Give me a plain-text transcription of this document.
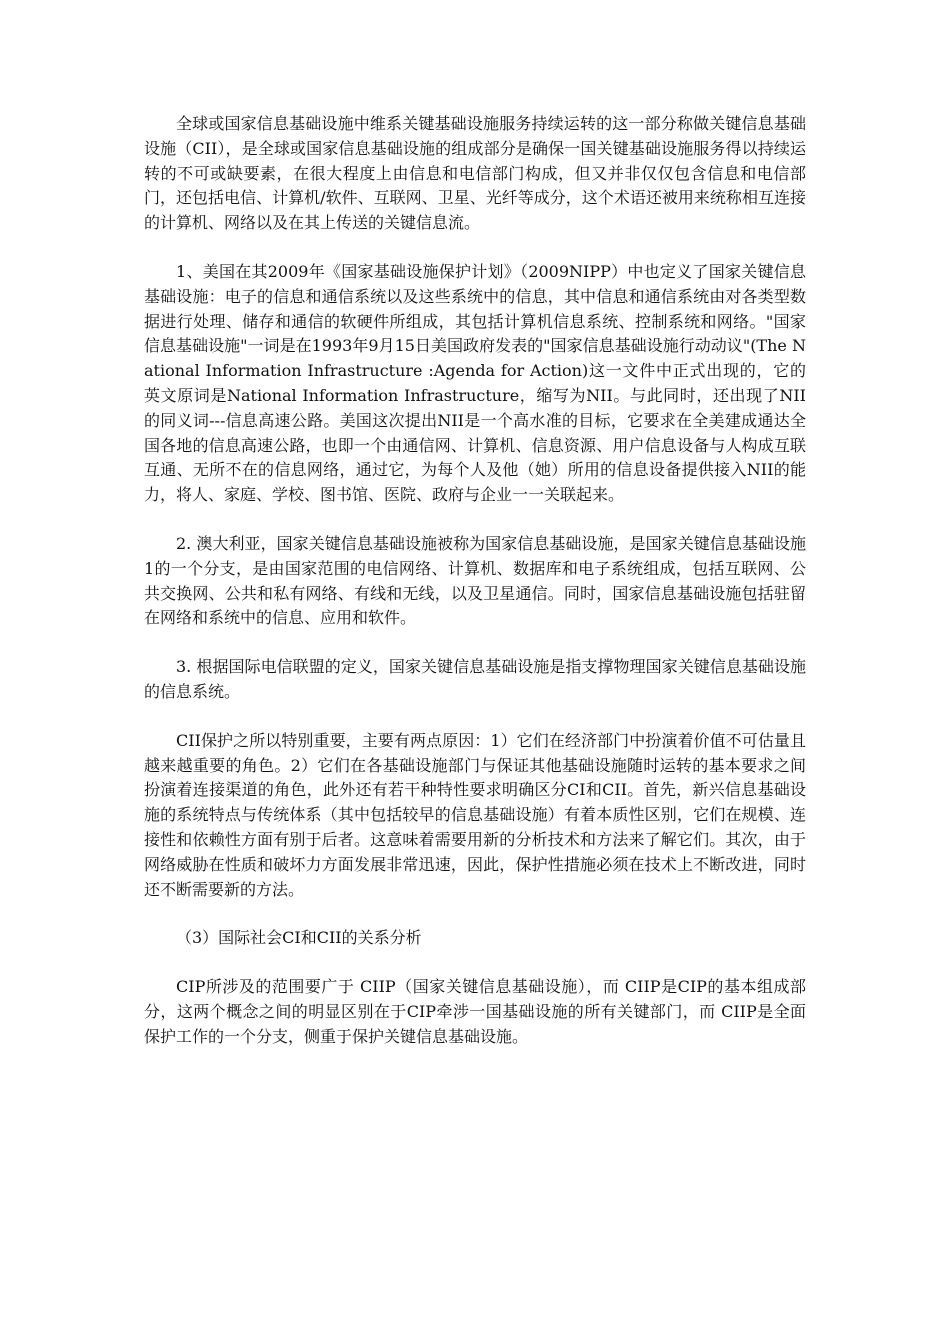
全球或国家信息基础设施中维系关键基础设施服务持续运转的这一部分称做关键信息基础设施（CII），是全球或国家信息基础设施的组成部分是确保一国关键基础设施服务得以持续运转的不可或缺要素，在很大程度上由信息和电信部门构成，但又并非仅仅包含信息和电信部门，还包括电信、计算机/软件、互联网、卫星、光纤等成分，这个术语还被用来统称相互连接的计算机、网络以及在其上传送的关键信息流。

1、美国在其2009年《国家基础设施保护计划》（2009NIPP）中也定义了国家关键信息基础设施：电子的信息和通信系统以及这些系统中的信息，其中信息和通信系统由对各类型数据进行处理、储存和通信的软硬件所组成，其包括计算机信息系统、控制系统和网络。"国家信息基础设施"一词是在1993年9月15日美国政府发表的"国家信息基础设施行动动议"(The National Information Infrastructure :Agenda for Action)这一文件中正式出现的，它的英文原词是National Information Infrastructure，缩写为NII。与此同时，还出现了NII的同义词---信息高速公路。美国这次提出NII是一个高水准的目标，它要求在全美建成通达全国各地的信息高速公路，也即一个由通信网、计算机、信息资源、用户信息设备与人构成互联互通、无所不在的信息网络，通过它，为每个人及他（她）所用的信息设备提供接入NII的能力，将人、家庭、学校、图书馆、医院、政府与企业一一关联起来。

2. 澳大利亚，国家关键信息基础设施被称为国家信息基础设施，是国家关键信息基础设施1的一个分支，是由国家范围的电信网络、计算机、数据库和电子系统组成，包括互联网、公共交换网、公共和私有网络、有线和无线，以及卫星通信。同时，国家信息基础设施包括驻留在网络和系统中的信息、应用和软件。

3. 根据国际电信联盟的定义，国家关键信息基础设施是指支撑物理国家关键信息基础设施的信息系统。

CII保护之所以特别重要，主要有两点原因：1）它们在经济部门中扮演着价值不可估量且越来越重要的角色。2）它们在各基础设施部门与保证其他基础设施随时运转的基本要求之间扮演着连接渠道的角色，此外还有若干种特性要求明确区分CI和CII。首先，新兴信息基础设施的系统特点与传统体系（其中包括较早的信息基础设施）有着本质性区别，它们在规模、连接性和依赖性方面有别于后者。这意味着需要用新的分析技术和方法来了解它们。其次，由于网络威胁在性质和破坏力方面发展非常迅速，因此，保护性措施必须在技术上不断改进，同时还不断需要新的方法。

（3）国际社会CI和CII的关系分析

CIP所涉及的范围要广于 CIIP（国家关键信息基础设施），而 CIIP是CIP的基本组成部分，这两个概念之间的明显区别在于CIP牵涉一国基础设施的所有关键部门，而 CIIP是全面保护工作的一个分支，侧重于保护关键信息基础设施。
